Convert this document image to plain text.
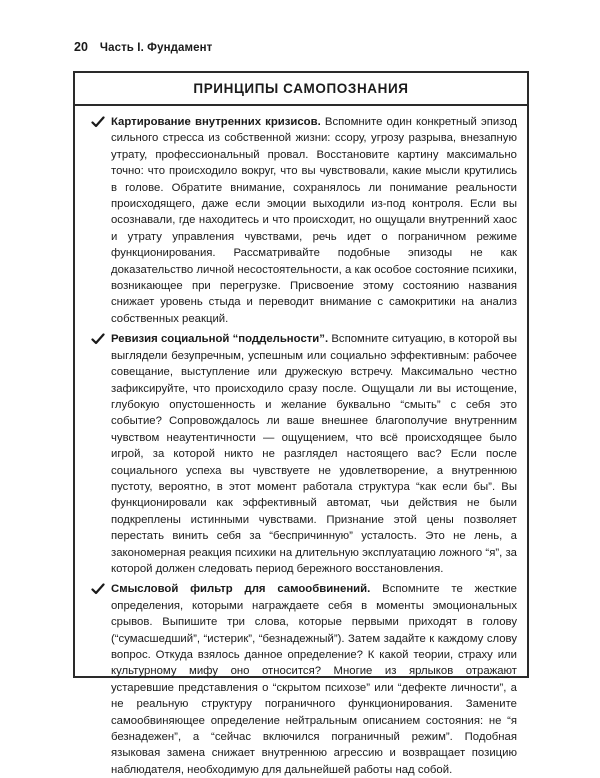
20 Часть I. Фундамент
ПРИНЦИПЫ САМОПОЗНАНИЯ
Картирование внутренних кризисов. Вспомните один конкретный эпизод сильного стресса из собственной жизни: ссору, угрозу разрыва, внезапную утрату, профессиональный провал. Восстановите картину максимально точно: что происходило вокруг, что вы чувствовали, какие мысли крутились в голове. Обратите внимание, сохранялось ли понимание реальности происходящего, даже если эмоции выходили из-под контроля. Если вы осознавали, где находитесь и что происходит, но ощущали внутренний хаос и утрату управления чувствами, речь идет о пограничном режиме функционирования. Рассматривайте подобные эпизоды не как доказательство личной несостоятельности, а как особое состояние психики, возникающее при перегрузке. Присвоение этому состоянию названия снижает уровень стыда и переводит внимание с самокритики на анализ собственных реакций.
Ревизия социальной “поддельности”. Вспомните ситуацию, в которой вы выглядели безупречным, успешным или социально эффективным: рабочее совещание, выступление или дружескую встречу. Максимально честно зафиксируйте, что происходило сразу после. Ощущали ли вы истощение, глубокую опустошенность и желание буквально “смыть” с себя это событие? Сопровождалось ли ваше внешнее благополучие внутренним чувством неаутентичности — ощущением, что всё происходящее было игрой, за которой никто не разглядел настоящего вас? Если после социального успеха вы чувствуете не удовлетворение, а внутреннюю пустоту, вероятно, в этот момент работала структура “как если бы”. Вы функционировали как эффективный автомат, чьи действия не были подкреплены истинными чувствами. Признание этой цены позволяет перестать винить себя за “беспричинную” усталость. Это не лень, а закономерная реакция психики на длительную эксплуатацию ложного “я”, за которой должен следовать период бережного восстановления.
Смысловой фильтр для самообвинений. Вспомните те жесткие определения, которыми награждаете себя в моменты эмоциональных срывов. Выпишите три слова, которые первыми приходят в голову (“сумасшедший”, “истерик”, “безнадежный”). Затем задайте к каждому слову вопрос. Откуда взялось данное определение? К какой теории, страху или культурному мифу оно относится? Многие из ярлыков отражают устаревшие представления о “скрытом психозе” или “дефекте личности”, а не реальную структуру пограничного функционирования. Замените самообвиняющее определение нейтральным описанием состояния: не “я безнадежен”, а “сейчас включился пограничный режим”. Подобная языковая замена снижает внутреннюю агрессию и возвращает позицию наблюдателя, необходимую для дальнейшей работы над собой.
